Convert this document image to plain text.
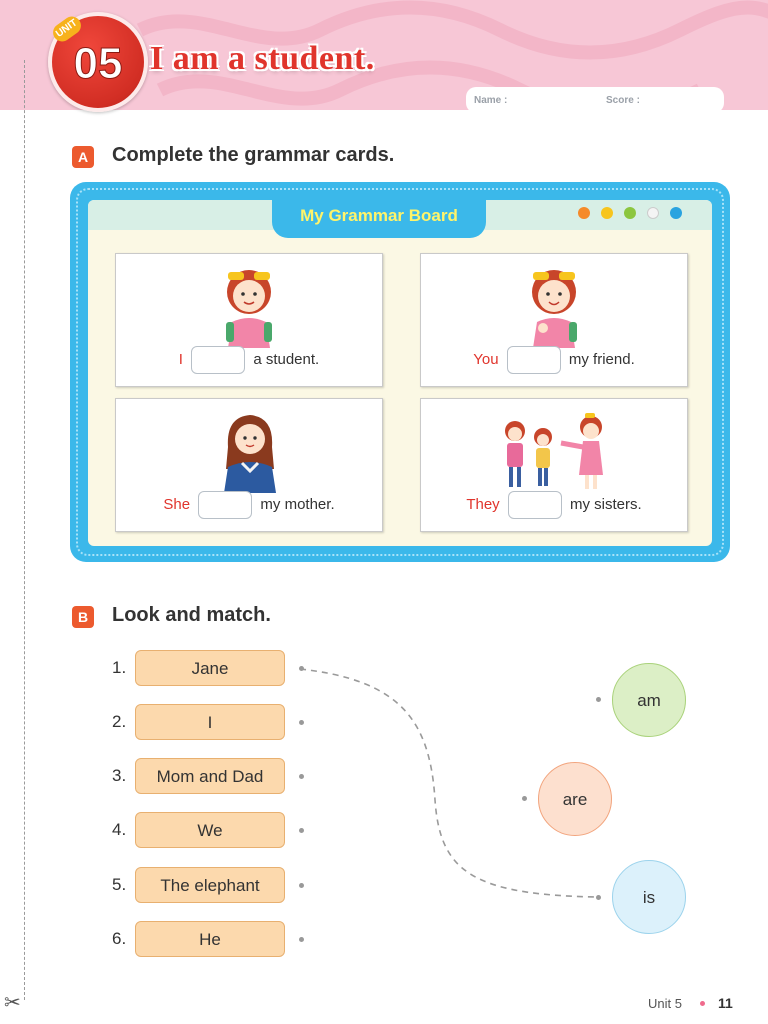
✂
UNIT
05 I am a student.
Name :	Score :
A Complete the grammar cards.
My Grammar Board
I	a student.	You	my friend.
She	my mother.	They	my sisters.
B Look and match.
1.	Jane
2.	I
3.	Mom and Dad
4.	We
5.	The elephant
6.	He
am
are
is
Unit 5	11
